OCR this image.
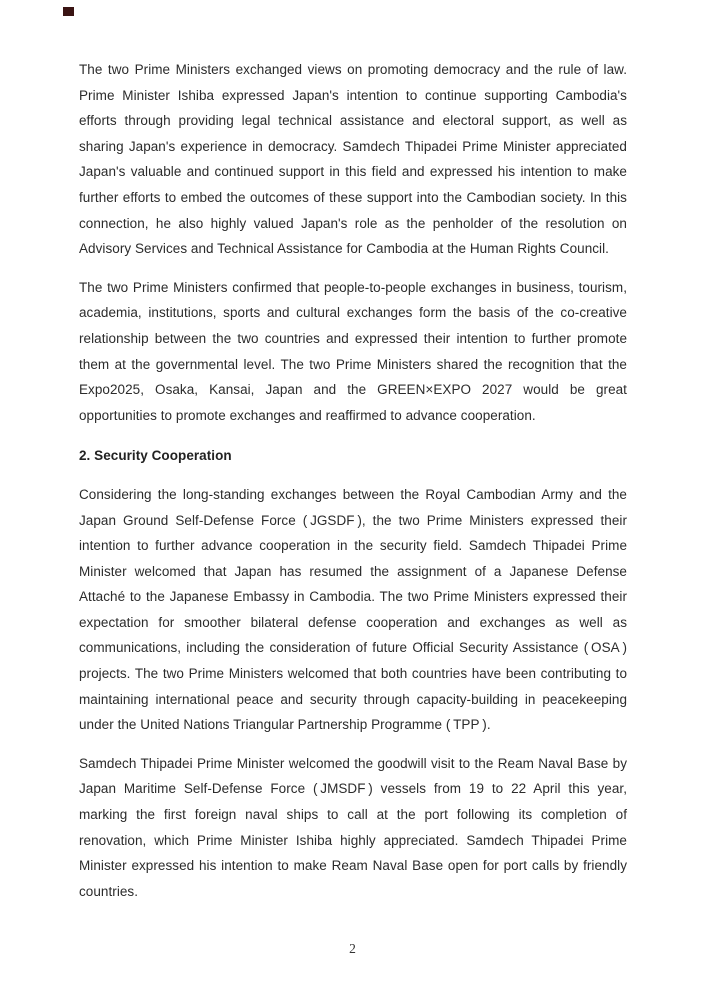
The two Prime Ministers exchanged views on promoting democracy and the rule of law. Prime Minister Ishiba expressed Japan's intention to continue supporting Cambodia's efforts through providing legal technical assistance and electoral support, as well as sharing Japan's experience in democracy. Samdech Thipadei Prime Minister appreciated Japan's valuable and continued support in this field and expressed his intention to make further efforts to embed the outcomes of these support into the Cambodian society. In this connection, he also highly valued Japan's role as the penholder of the resolution on Advisory Services and Technical Assistance for Cambodia at the Human Rights Council.

The two Prime Ministers confirmed that people-to-people exchanges in business, tourism, academia, institutions, sports and cultural exchanges form the basis of the co-creative relationship between the two countries and expressed their intention to further promote them at the governmental level. The two Prime Ministers shared the recognition that the Expo2025, Osaka, Kansai, Japan and the GREEN×EXPO 2027 would be great opportunities to promote exchanges and reaffirmed to advance cooperation.

2. Security Cooperation

Considering the long-standing exchanges between the Royal Cambodian Army and the Japan Ground Self-Defense Force ( JGSDF ), the two Prime Ministers expressed their intention to further advance cooperation in the security field. Samdech Thipadei Prime Minister welcomed that Japan has resumed the assignment of a Japanese Defense Attaché to the Japanese Embassy in Cambodia. The two Prime Ministers expressed their expectation for smoother bilateral defense cooperation and exchanges as well as communications, including the consideration of future Official Security Assistance ( OSA ) projects. The two Prime Ministers welcomed that both countries have been contributing to maintaining international peace and security through capacity-building in peacekeeping under the United Nations Triangular Partnership Programme ( TPP ).

Samdech Thipadei Prime Minister welcomed the goodwill visit to the Ream Naval Base by Japan Maritime Self-Defense Force ( JMSDF ) vessels from 19 to 22 April this year, marking the first foreign naval ships to call at the port following its completion of renovation, which Prime Minister Ishiba highly appreciated. Samdech Thipadei Prime Minister expressed his intention to make Ream Naval Base open for port calls by friendly countries.

2
